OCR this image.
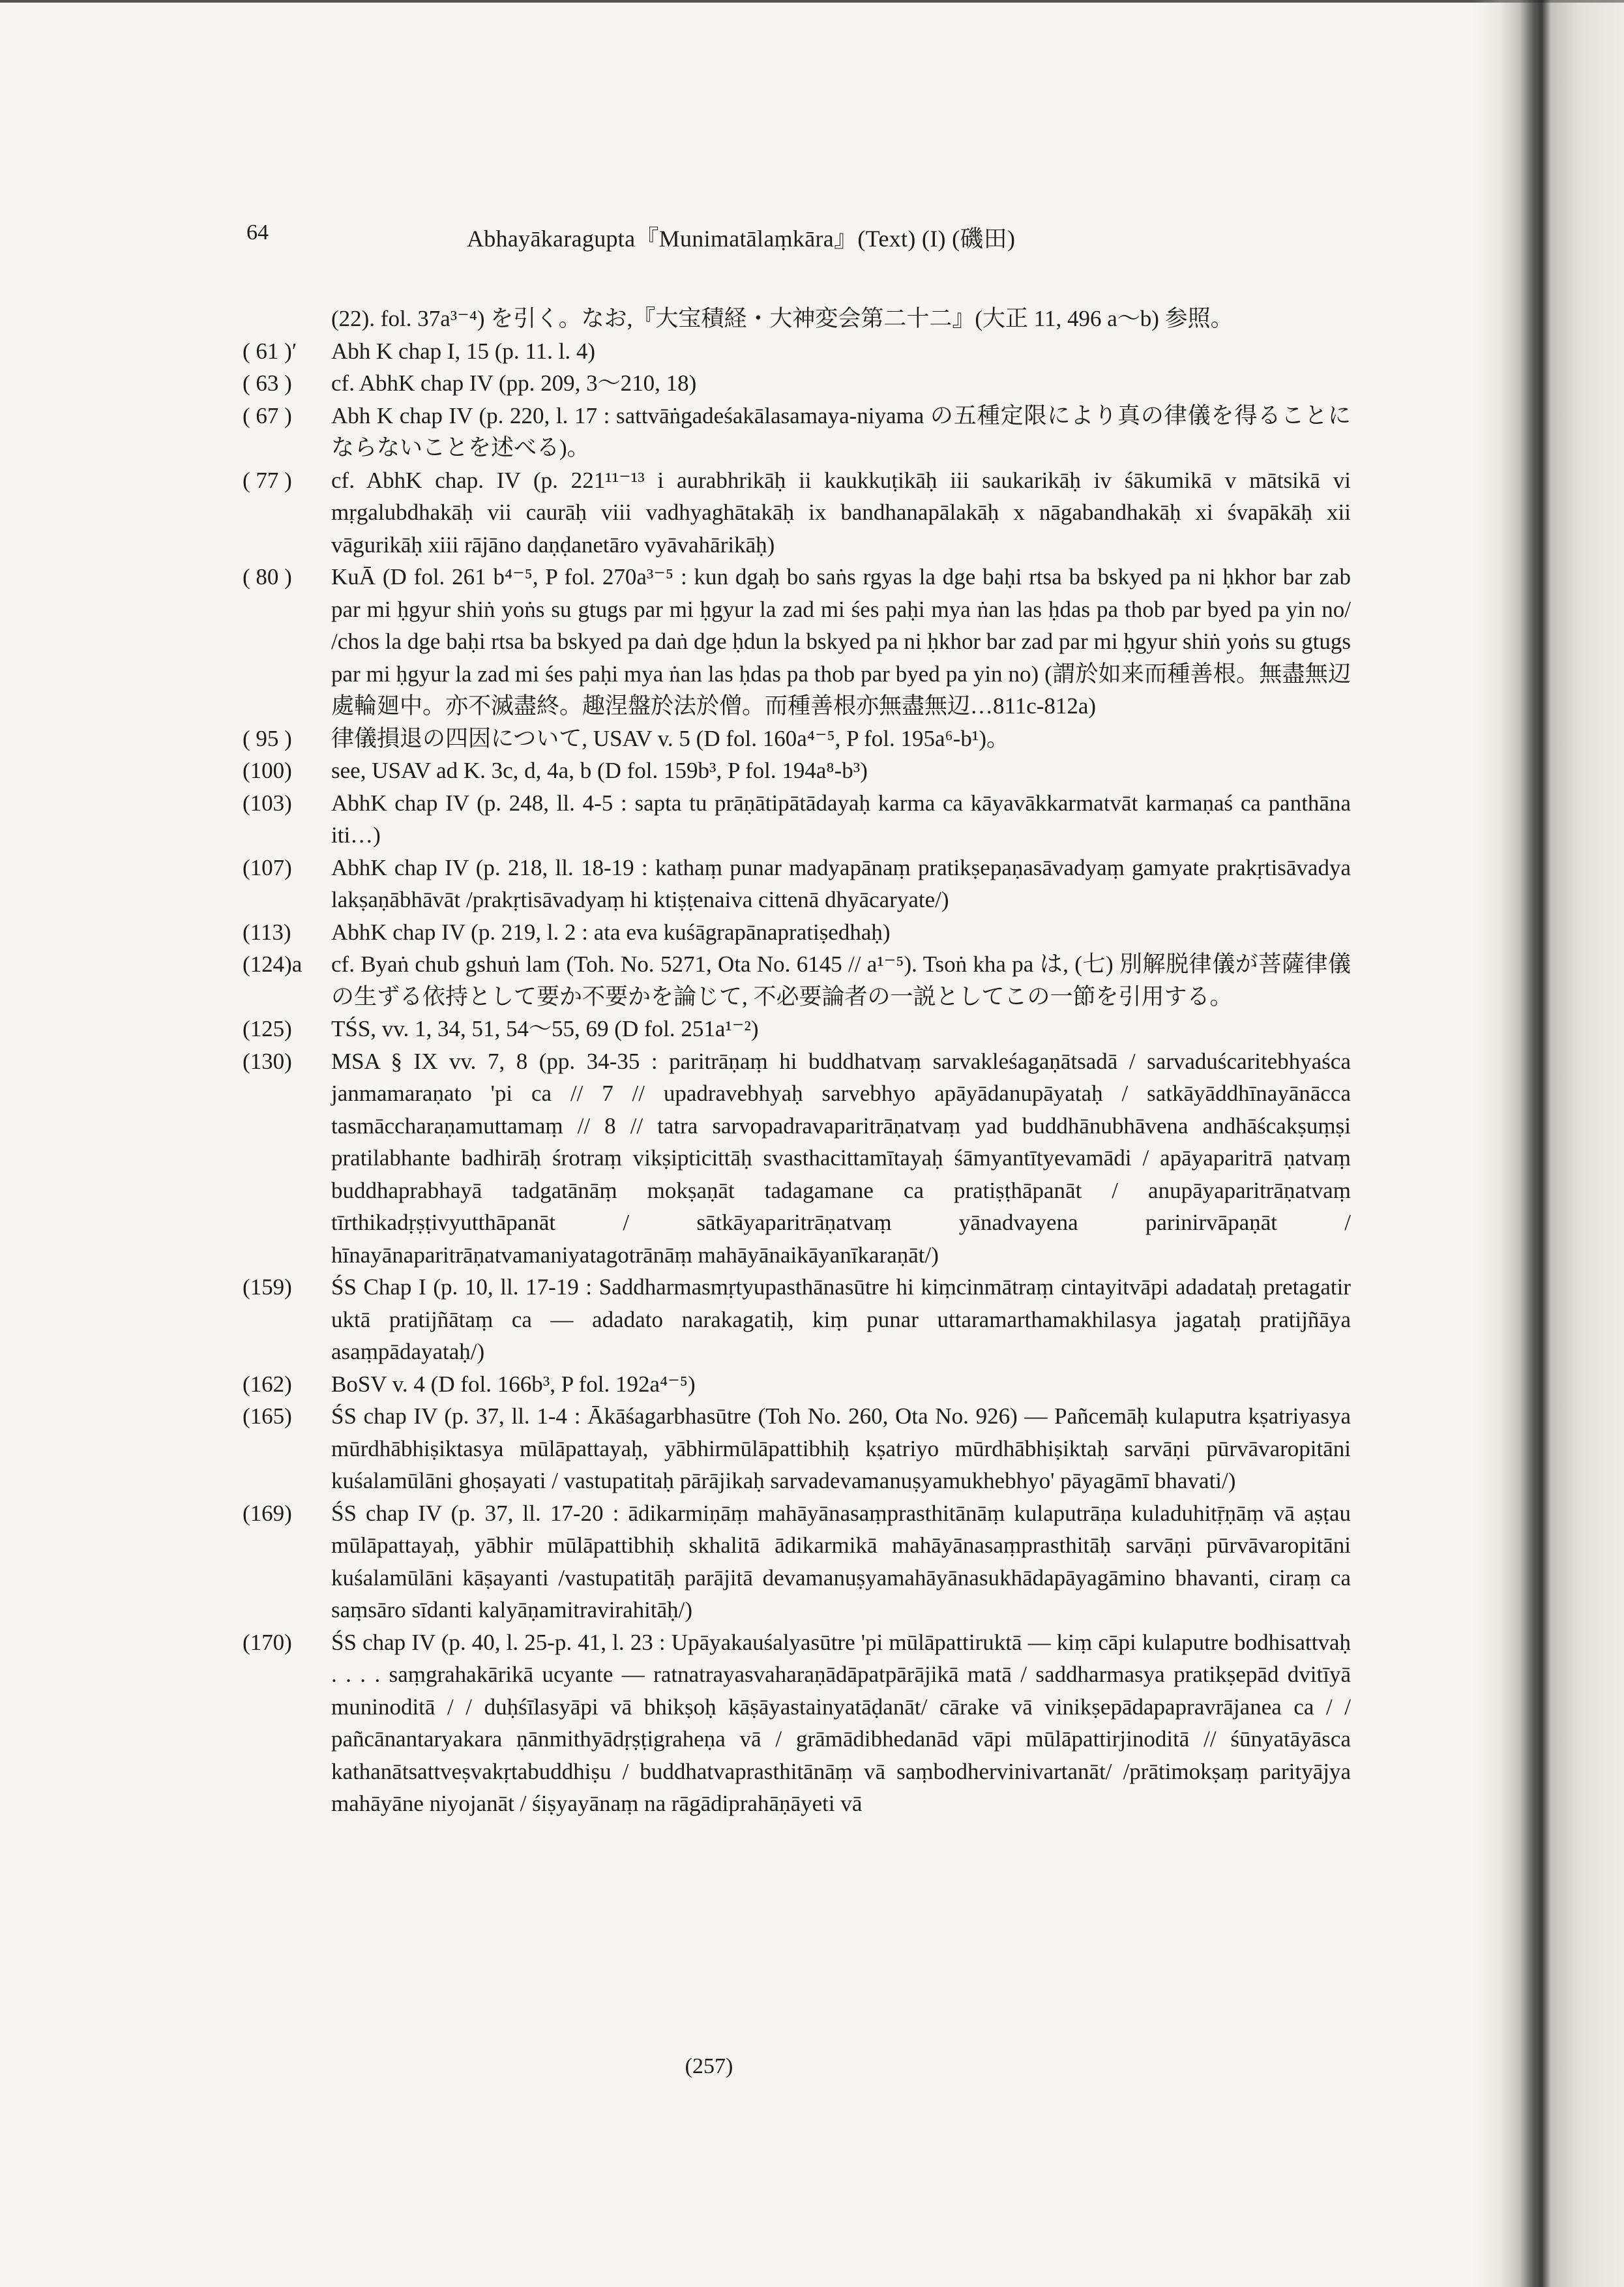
64	Abhayākaragupta『Munimatālaṃkāra』(Text) (I) (磯田)
(22). fol. 37a³⁻⁴) を引く。なお,『大宝積経・大神変会第二十二』(大正 11, 496 a～b) 参照。
( 61 )′ Abh K chap I, 15 (p. 11. l. 4)
( 63 ) cf. AbhK chap IV (pp. 209, 3～210, 18)
( 67 ) Abh K chap IV (p. 220, l. 17 : sattvāṅgadeśakālasamaya-niyama の五種定限により真の律儀を得ることにならないことを述べる)。
( 77 ) cf. AbhK chap. IV (p. 221¹¹⁻¹³ i aurabhrikāḥ ii kaukkuṭikāḥ iii saukarikāḥ iv śākumikā v mātsikā vi mṛgalubdhakāḥ vii caurāḥ viii vadhyaghātakāḥ ix bandhanapālakāḥ x nāgabandhakāḥ xi śvapākāḥ xii vāgurikāḥ xiii rājāno daṇḍanetāro vyāvahārikāḥ)
( 80 ) KuĀ (D fol. 261 b⁴⁻⁵, P fol. 270a³⁻⁵ : kun dgaḥ bo saṅs rgyas la dge baḥi rtsa ba bskyed pa ni ḥkhor bar zab par mi ḥgyur shiṅ yoṅs su gtugs par mi ḥgyur la zad mi śes paḥi mya ṅan las ḥdas pa thob par byed pa yin no/ /chos la dge baḥi rtsa ba bskyed pa daṅ dge ḥdun la bskyed pa ni ḥkhor bar zad par mi ḥgyur shiṅ yoṅs su gtugs par mi ḥgyur la zad mi śes paḥi mya ṅan las ḥdas pa thob par byed pa yin no) (謂於如来而種善根。無盡無辺處輪廻中。亦不滅盡終。趣涅盤於法於僧。而種善根亦無盡無辺…811c-812a)
( 95 ) 律儀損退の四因について, USAV v. 5 (D fol. 160a⁴⁻⁵, P fol. 195a⁶-b¹)。
(100) see, USAV ad K. 3c, d, 4a, b (D fol. 159b³, P fol. 194a⁸-b³)
(103) AbhK chap IV (p. 248, ll. 4-5 : sapta tu prāṇātipātādayaḥ karma ca kāyavākkarmatvāt karmaṇaś ca panthāna iti…)
(107) AbhK chap IV (p. 218, ll. 18-19 : kathaṃ punar madyapānaṃ pratikṣepaṇasāvadyaṃ gamyate prakṛtisāvadya lakṣaṇābhāvāt /prakṛtisāvadyaṃ hi ktiṣṭenaiva cittenā dhyācaryate/)
(113) AbhK chap IV (p. 219, l. 2 : ata eva kuśāgrapānapratiṣedhaḥ)
(124)a cf. Byaṅ chub gshuṅ lam (Toh. No. 5271, Ota No. 6145 // a¹⁻⁵). Tsoṅ kha pa は, (七) 別解脱律儀が菩薩律儀の生ずる依持として要か不要かを論じて, 不必要論者の一説としてこの一節を引用する。
(125) TŚS, vv. 1, 34, 51, 54～55, 69 (D fol. 251a¹⁻²)
(130) MSA § IX vv. 7, 8 (pp. 34-35 : paritrāṇaṃ hi buddhatvaṃ sarvakleśagaṇātsadā / sarvaduścaritebhyaśca janmamaraṇato 'pi ca // 7 // upadravebhyaḥ sarvebhyo apāyādanupāyataḥ / satkāyāddhīnayānācca tasmāccharaṇamuttamaṃ // 8 // tatra sarvopadravaparitrāṇatvaṃ yad buddhānubhāvena andhāścakṣuṃṣi pratilabhante badhirāḥ śrotraṃ vikṣipticittāḥ svasthacittamītayaḥ śāmyantītyevamādi / apāyaparitrā ṇatvaṃ buddhaprabhayā tadgatānāṃ mokṣaṇāt tadagamane ca pratiṣṭhāpanāt / anupāyaparitrāṇatvaṃ tīrthikadṛṣṭivyutthāpanāt / sātkāyaparitrāṇatvaṃ yānadvayena parinirvāpaṇāt / hīnayānaparitrāṇatvamaniyatagotrānāṃ mahāyānaikāyanīkaraṇāt/)
(159) ŚS Chap I (p. 10, ll. 17-19 : Saddharmasmṛtyupasthānasūtre hi kiṃcinmātraṃ cintayitvāpi adadataḥ pretagatir uktā pratijñātaṃ ca — adadato narakagatiḥ, kiṃ punar uttaramarthamakhilasya jagataḥ pratijñāya asaṃpādayataḥ/)
(162) BoSV v. 4 (D fol. 166b³, P fol. 192a⁴⁻⁵)
(165) ŚS chap IV (p. 37, ll. 1-4 : Ākāśagarbhasūtre (Toh No. 260, Ota No. 926) — Pañcemāḥ kulaputra kṣatriyasya mūrdhābhiṣiktasya mūlāpattayaḥ, yābhirmūlāpattibhiḥ kṣatriyo mūrdhābhiṣiktaḥ sarvāṇi pūrvāvaropitāni kuśalamūlāni ghoṣayati / vastupatitaḥ pārājikaḥ sarvadevamanuṣyamukhebhyo' pāyagāmī bhavati/)
(169) ŚS chap IV (p. 37, ll. 17-20 : ādikarmiṇāṃ mahāyānasaṃprasthitānāṃ kulaputrāṇa kuladuhitṝṇāṃ vā aṣṭau mūlāpattayaḥ, yābhir mūlāpattibhiḥ skhalitā ādikarmikā mahāyānasaṃprasthitāḥ sarvāṇi pūrvāvaropitāni kuśalamūlāni kāṣayanti /vastupatitāḥ parājitā devamanuṣyamahāyānasukhādapāyagāmino bhavanti, ciraṃ ca saṃsāro sīdanti kalyāṇamitravirahitāḥ/)
(170) ŚS chap IV (p. 40, l. 25-p. 41, l. 23 : Upāyakauśalyasūtre 'pi mūlāpattiruktā — kiṃ cāpi kulaputre bodhisattvaḥ . . . . saṃgrahakārikā ucyante — ratnatrayasvaharaṇādāpatpārājikā matā / saddharmasya pratikṣepād dvitīyā muninoditā / / duḥśīlasyāpi vā bhikṣoḥ kāṣāyastainyatāḍanāt/ cārake vā vinikṣepādapapravrājanea ca / / pañcānantaryakara ṇānmithyādṛṣṭigraheṇa vā / grāmādibhedanād vāpi mūlāpattirjinoditā // śūnyatāyāsca kathanātsattveṣvakṛtabuddhiṣu / buddhatvaprasthitānāṃ vā saṃbodhervinivartanāt/ /prātimokṣaṃ parityājya mahāyāne niyojanāt / śiṣyayānaṃ na rāgādiprahāṇāyeti vā
(257)
